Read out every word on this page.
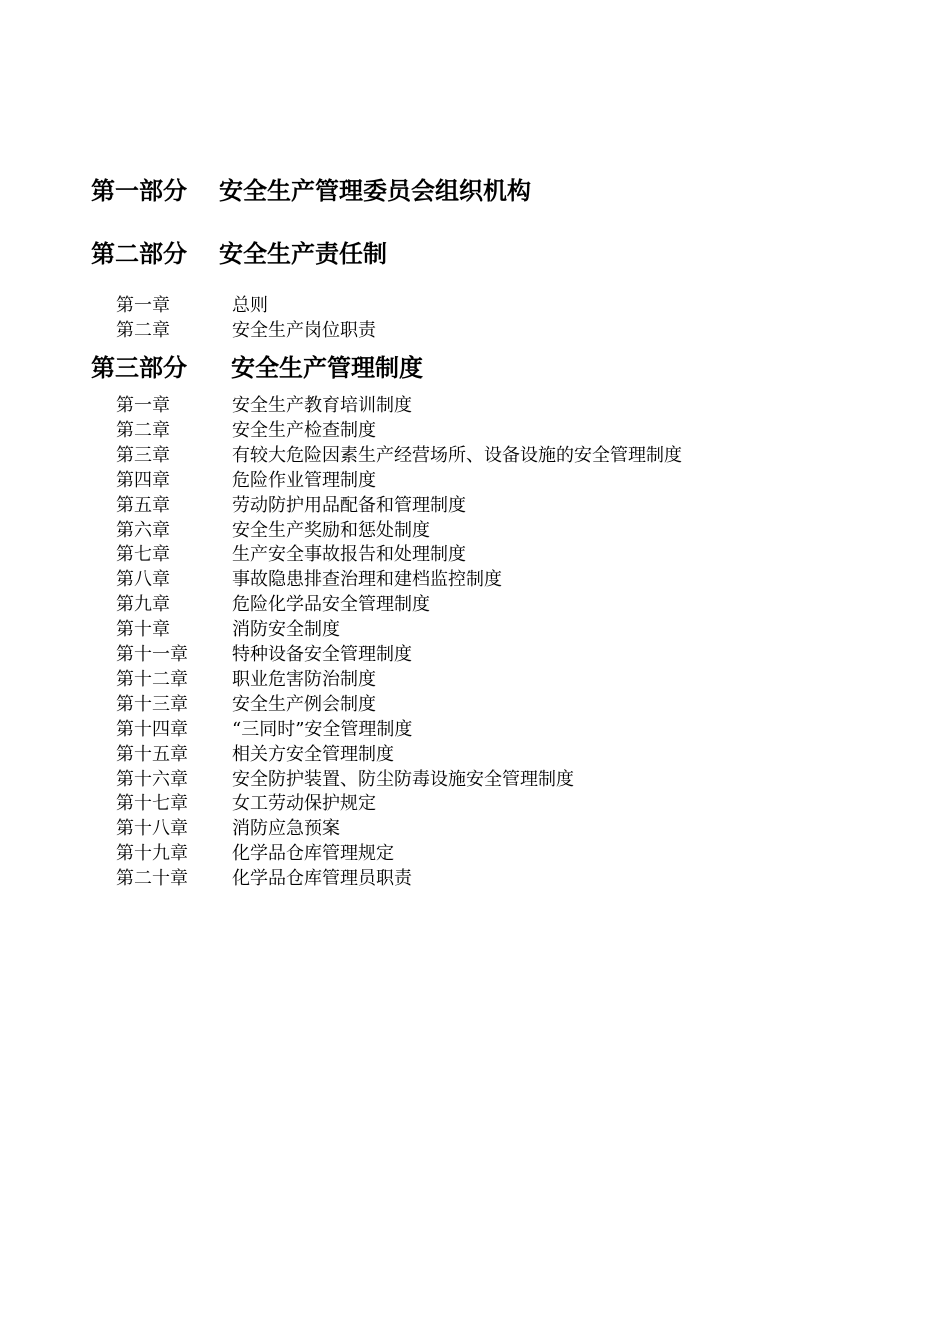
第一部分 安全生产管理委员会组织机构
第二部分 安全生产责任制
第一章	总则
第二章	安全生产岗位职责
第三部分 安全生产管理制度
第一章	安全生产教育培训制度
第二章	安全生产检查制度
第三章	有较大危险因素生产经营场所、设备设施的安全管理制度
第四章	危险作业管理制度
第五章	劳动防护用品配备和管理制度
第六章	安全生产奖励和惩处制度
第七章	生产安全事故报告和处理制度
第八章	事故隐患排查治理和建档监控制度
第九章	危险化学品安全管理制度
第十章	消防安全制度
第十一章 特种设备安全管理制度
第十二章 职业危害防治制度
第十三章 安全生产例会制度
第十四章 “三同时”安全管理制度
第十五章 相关方安全管理制度
第十六章 安全防护装置、防尘防毒设施安全管理制度
第十七章 女工劳动保护规定
第十八章 消防应急预案
第十九章 化学品仓库管理规定
第二十章 化学品仓库管理员职责
